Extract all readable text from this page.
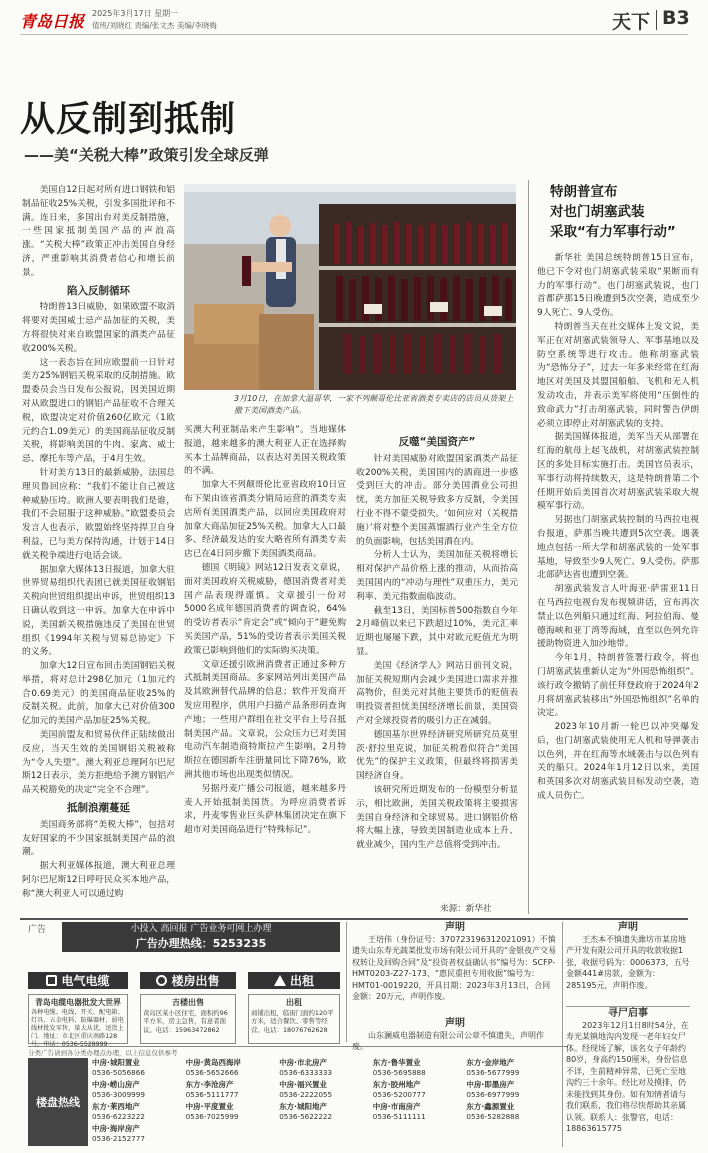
青岛日报 2025年3月17日 星期一
值班/刘晓红 责编/张文杰 美编/李晓梅	天下 B3
从反制到抵制
——美“关税大棒”政策引发全球反弹
3月10日，在加拿大温哥华，一家不列颠哥伦比亚省酒类专卖店的店员从货架上撤下美国酒类产品。

美国自12日起对所有进口钢铁和铝制品征收25%关税，引发多国批评和不满。连日来，多国出台对美反制措施，一些国家抵制美国产品的声浪高涨。“关税大棒”政策正冲击美国自身经济，严重影响其消费者信心和增长前景。

陷入反制循环

特朗普13日威胁，如果欧盟不取消将要对美国威士忌产品加征的关税，美方将很快对来自欧盟国家的酒类产品征收200%关税。

这一表态旨在回应欧盟前一日针对美方25%钢铝关税采取的反制措施。欧盟委员会当日发布公报说，因美国近期对从欧盟进口的钢铝产品征收不合理关税，欧盟决定对价值260亿欧元（1欧元约合1.09美元）的美国商品征收反制关税，将影响美国的牛肉、家禽、威士忌、摩托车等产品，于4月生效。

针对美方13日的最新威胁，法国总理贝鲁回应称：“我们不能让自己被这种威胁压垮。欧洲人要表明我们是谁，我们不会屈服于这种威胁。”欧盟委员会发言人也表示，欧盟始终坚持捍卫自身利益，已与美方保持沟通，计划于14日就关税争端进行电话会谈。

据加拿大媒体13日报道，加拿大驻世界贸易组织代表团已就美国征收钢铝关税向世贸组织提出申诉，世贸组织13日确认收到这一申诉。加拿大在申诉中说，美国新关税措施违反了美国在世贸组织《1994年关税与贸易总协定》下的义务。

加拿大12日宣布回击美国钢铝关税举措，将对总计298亿加元（1加元约合0.69美元）的美国商品征收25%的反制关税。此前，加拿大已对价值300亿加元的美国产品加征25%关税。

美国前盟友和贸易伙伴正陆续做出反应，当天生效的美国钢铝关税被称为“令人失望”。澳大利亚总理阿尔巴尼斯12日表示，美方拒绝给予澳方钢铝产品关税豁免的决定“完全不合理”。

抵制浪潮蔓延

美国商务部将“美税大棒”，包括对友好国家的不少国家抵制美国产品的浪潮。

据大利亚媒体报道，澳大利亚总理阿尔巴尼斯12日呼吁民众买本地产品，称“澳大利亚人可以通过购

买澳大利亚制品来产生影响”。当地媒体报道，越来越多的澳大利亚人正在选择购买本土品牌商品，以表达对美国关税政策的不满。

加拿大不列颠哥伦比亚省政府10日宣布下架由该省酒类分销局运营的酒类专卖店所有美国酒类产品，以回应美国政府对加拿大商品加征25%关税。加拿大人口最多、经济最发达的安大略省所有酒类专卖店已在4日同步撤下美国酒类商品。

德国《明镜》网站12日发表文章说，面对美国政府关税威胁，德国消费者对美国产品表现得谨慎。文章援引一份对5000名成年德国消费者的调查说，64%的受访者表示“肯定会”或“倾向于”避免购买美国产品，51%的受访者表示美国关税政策已影响到他们的实际购买决策。

文章还援引欧洲消费者正通过多种方式抵制美国商品。多家网站列出美国产品及其欧洲替代品牌的信息；软件开发商开发应用程序，供用户扫描产品条形码查询产地；一些用户群组在社交平台上号召抵制美国产品。文章说，公众压力已对美国电动汽车制造商特斯拉产生影响，2月特斯拉在德国新车注册量同比下降76%，欧洲其他市场也出现类似情况。

另据丹麦广播公司报道，越来越多丹麦人开始抵制美国货。为呼应消费者诉求，丹麦零售业巨头萨林集团决定在旗下超市对美国商品进行“特殊标记”。

反噬“美国资产”

针对美国威胁对欧盟国家酒类产品征收200%关税，美国国内的酒商进一步感受到巨大的冲击。部分美国酒业公司担忧，美方加征关税导致多方反制，令美国行业不得不蒙受损失。‘如何应对（关税措施）’将对整个美国蒸馏酒行业产生全方位的负面影响，包括美国酒在内。

分析人士认为，美国加征关税将增长相对保护产品价格上涨的推动，从而抬高美国国内的“冲动与理性”双重压力，美元利率、美元指数面临波动。

截至13日，美国标普500指数自今年2月峰值以来已下跌超过10%，美元汇率近期也屡屡下跌，其中对欧元贬值尤为明显。

美国《经济学人》网站日前刊文说，加征关税短期内会减少美国进口需求并推高物价，但美元对其他主要货币的贬值表明投资者担忧美国经济增长前景，美国资产对全球投资者的吸引力正在减弱。

德国基尔世界经济研究所研究员莫里茨·舒拉里克说，加征关税看似符合“美国优先”的保护主义政策，但最终将损害美国经济自身。

该研究所近期发布的一份模型分析显示，相比欧洲，美国关税政策将主要损害美国自身经济和全球贸易。进口钢铝价格将大幅上涨，导致美国制造业成本上升、就业减少，国内生产总值将受到冲击。

来源：新华社
特朗普宣布
对也门胡塞武装
采取“有力军事行动”

新华社 美国总统特朗普15日宣布，他已下令对也门胡塞武装采取“果断而有力的军事行动”。也门胡塞武装说，也门首都萨那15日晚遭到5次空袭，造成至少9人死亡、9人受伤。

特朗普当天在社交媒体上发文说，美军正在对胡塞武装领导人、军事基地以及防空系统等进行攻击。他称胡塞武装为“恐怖分子”，过去一年多来经常在红海地区对美国及其盟国船舶、飞机和无人机发动攻击，并表示美军将使用“压倒性的致命武力”打击胡塞武装，同时警告伊朗必须立即停止对胡塞武装的支持。

据美国媒体报道，美军当天从部署在红海的航母上起飞战机，对胡塞武装控制区的多处目标实施打击。美国官员表示，军事行动将持续数天，这是特朗普第二个任期开始后美国首次对胡塞武装采取大规模军事行动。

另据也门胡塞武装控制的马西拉电视台报道，萨那当晚共遭到5次空袭。遇袭地点包括一所大学和胡塞武装的一处军事基地，导致至少9人死亡、9人受伤。萨那北部萨达省也遭到空袭。

胡塞武装发言人叶海亚·萨雷亚11日在马西拉电视台发布视频讲话，宣布再次禁止以色列船只通过红海、阿拉伯海、曼德海峡和亚丁湾等海域，直至以色列允许援助物资进入加沙地带。

今年1月，特朗普签署行政令，将也门胡塞武装重新认定为“外国恐怖组织”。该行政令撤销了前任拜登政府于2024年2月将胡塞武装移出“外国恐怖组织”名单的决定。

2023年10月新一轮巴以冲突爆发后，也门胡塞武装使用无人机和导弹袭击以色列，并在红海等水域袭击与以色列有关的船只。2024年1月12日以来，美国和英国多次对胡塞武装目标发动空袭，造成人员伤亡。

广告	小投入 高回报 广告业务可网上办理
广告办理热线：5253235
电气电缆	楼房出售	出租
青岛电缆电器批发大世界
各种电缆、电线、开关、配电箱、灯具、五金电料、防爆器材、弱电线材批发零售，量大从优，送货上门。地址：市北区重庆南路128号。电话：0536-5528999
吉楼出售
黄岛区某小区住宅，面积约96平方米，房主急售，有意者面议。电话：15963472862
出租
商铺出租，临街门面约120平方米，适合餐饮、零售等经营。电话：18076762628
分类广告请到各分类办理点办理，以上信息仅供参考
楼盘热线
中房·城阳置业
0536-5056866
中房·黄岛西海岸
0536-5652666
中房·市北房产
0536-6333333
东方·鲁华置业
0536-5695888
东方·金岸地产
0536-5677999
中房·崂山房产
0536-3009999
东方·李沧房产
0536-5111777
中房·福兴置业
0536-2222055
东方·胶州地产
0536-5200777
中房·即墨房产
0536-6977999
东方·莱西地产
0536-6223222
中房·平度置业
0536-7025999
东方·城阳地产
0536-5622222
中房·市南房产
0536-5111111
东方·鑫源置业
0536-5282888
中房·海岸房产
0536-2152777
声明

王培伟（身份证号：370723196312021091）不慎遗失山东寿光蔬菜批发市场有限公司开具的“金银夜产交易权转让及回购合同”及“投资者权益确认书”编号为：SCFP-HMT0203-Z27-173、“惠民重担专用收据”编号为：HMT01-0019220，开具日期：2023年3月13日，合同金额：20万元，声明作废。

声明

山东澜威电器制造有限公司公章不慎遗失，声明作废。

声明

王杰本不慎遗失潍坊市某房地产开发有限公司开具的收款收据1张，收据号码为：0006373，五号金额441#房款，金额为：285195元，声明作废。

寻尸启事

2023年12月1日8时54分，在寿光某镇地沟内发现一老年妇女尸体。经现场了解，该名女子年龄约80岁，身高约150厘米，身份信息不详，生前精神异常，已死亡至地沟约三十余年。经比对及摸排，仍未能找到其身份。如有知情者请与我们联系，我们将尽快帮助其亲属认领。联系人：张警官，电话：18863615775
